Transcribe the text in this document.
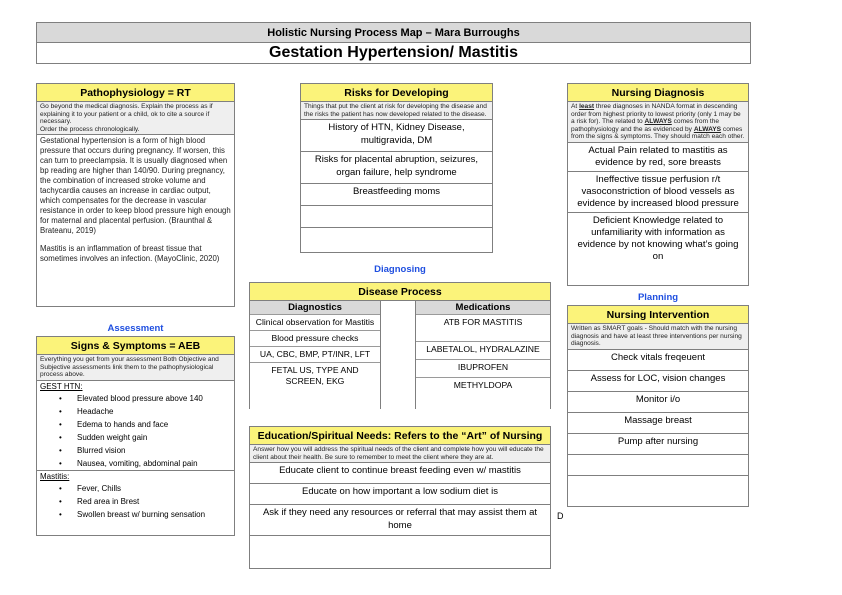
Holistic Nursing Process Map – Mara Burroughs
Gestation Hypertension/ Mastitis
Pathophysiology = RT
Go beyond the medical diagnosis. Explain the process as if explaining it to your patient or a child, ok to cite a source if necessary.
Order the process chronologically.
Gestational hypertension is a form of high blood pressure that occurs during pregnancy. If worsen, this can turn to preeclampsia. It is usually diagnosed when bp reading are higher than 140/90. During pregnancy, the combination of increased stroke volume and tachycardia causes an increase in cardiac output, which compensates for the decrease in vascular resistance in order to keep blood pressure high enough for maternal and placental perfusion. (Braunthal & Brateanu, 2019)
Mastitis is an inflammation of breast tissue that sometimes involves an infection. (MayoClinic, 2020)
Assessment
Signs & Symptoms = AEB
Everything you get from your assessment Both Objective and Subjective assessments link them to the pathophysiological process above.
GEST HTN:
• Elevated blood pressure above 140
• Headache
• Edema to hands and face
• Sudden weight gain
• Blurred vision
• Nausea, vomiting, abdominal pain
Mastitis:
• Fever, Chills
• Red area in Brest
• Swollen breast w/ burning sensation
Risks for Developing
Things that put the client at risk for developing the disease and the risks the patient has now developed related to the disease.
History of HTN, Kidney Disease, multigravida, DM
Risks for placental abruption, seizures, organ failure, help syndrome
Breastfeeding moms
Diagnosing
Disease Process
Diagnostics
Clinical observation for Mastitis
Blood pressure checks
UA, CBC, BMP, PT/INR, LFT
FETAL US, TYPE AND SCREEN, EKG
Medications
ATB FOR MASTITIS
LABETALOL, HYDRALAZINE
IBUPROFEN
METHYLDOPA
Education/Spiritual Needs: Refers to the “Art” of Nursing
Answer how you will address the spiritual needs of the client and complete how you will educate the client about their health. Be sure to remember to meet the client where they are at.
Educate client to continue breast feeding even w/ mastitis
Educate on how important a low sodium diet is
Ask if they need any resources or referral that may assist them at home
Nursing Diagnosis
At least three diagnoses in NANDA format in descending order from highest priority to lowest priority (only 1 may be a risk for). The related to ALWAYS comes from the pathophysiology and the as evidenced by ALWAYS comes from the signs & symptoms. They should match each other.
Actual Pain related to mastitis as evidence by red, sore breasts
Ineffective tissue perfusion r/t vasoconstriction of blood vessels as evidence by increased blood pressure
Deficient Knowledge related to unfamiliarity with information as evidence by not knowing what’s going on
Planning
Nursing Intervention
Written as SMART goals - Should match with the nursing diagnosis and have at least three interventions per nursing diagnosis.
Check vitals freqeuent
Assess for LOC, vision changes
Monitor i/o
Massage breast
Pump after nursing
D
